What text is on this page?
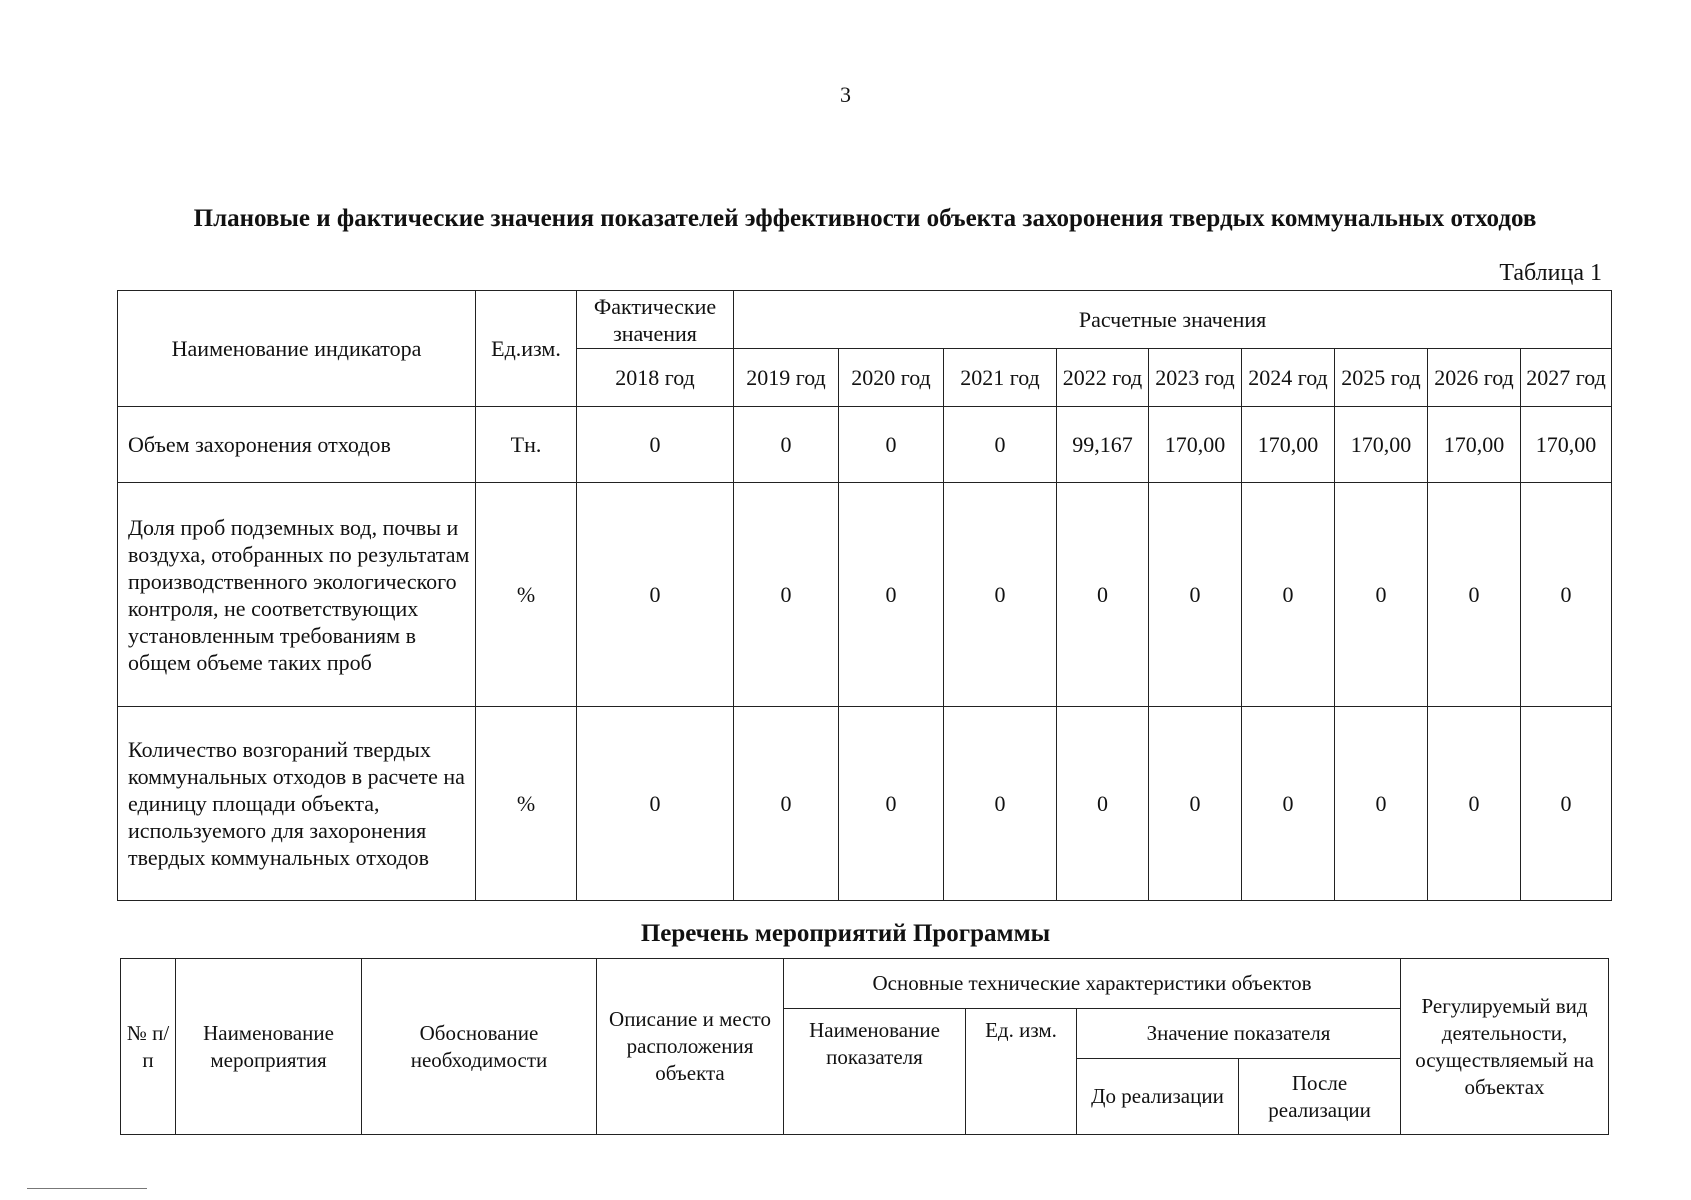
3
Плановые и фактические значения показателей эффективности объекта захоронения твердых коммунальных отходов
Таблица 1
Наименование индикатора	Ед.изм.	Фактические значения	Расчетные значения								
		2018 год	2019 год	2020 год	2021 год	2022 год	2023 год	2024 год	2025 год	2026 год	2027 год
Объем захоронения отходов	Тн.	0	0	0	0	99,167	170,00	170,00	170,00	170,00	170,00
Доля проб подземных вод, почвы и воздуха, отобранных по результатам производственного экологического контроля, не соответствующих установленным требованиям в общем объеме таких проб	%	0	0	0	0	0	0	0	0	0	0
Количество возгораний твердых коммунальных отходов в расчете на единицу площади объекта, используемого для захоронения твердых коммунальных отходов	%	0	0	0	0	0	0	0	0	0	0
Перечень мероприятий Программы
№ п/п	Наименование мероприятия	Обоснование необходимости	Описание и место расположения объекта	Основные технические характеристики объектов				Регулируемый вид деятельности, осуществляемый на объектах
				Наименование показателя	Ед. изм.	Значение показателя		
						До реализации	После реализации	
